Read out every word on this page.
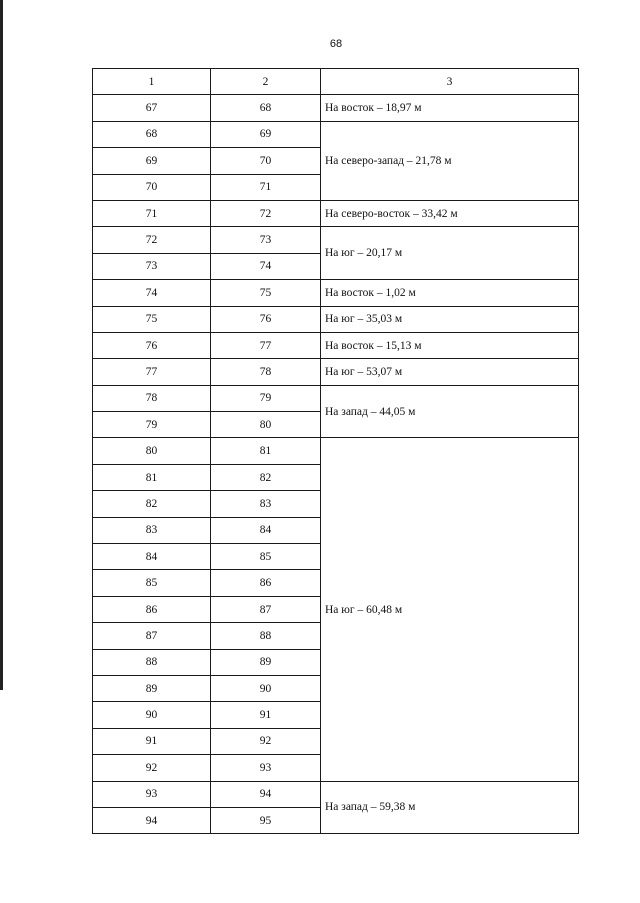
68
1	2	3
67	68	На восток – 18,97 м
68	69	На северо-запад – 21,78 м
69	70	
70	71	
71	72	На северо-восток – 33,42 м
72	73	На юг – 20,17 м
73	74	
74	75	На восток – 1,02 м
75	76	На юг – 35,03 м
76	77	На восток – 15,13 м
77	78	На юг – 53,07 м
78	79	На запад – 44,05 м
79	80	
80	81	На юг – 60,48 м
81	82	
82	83	
83	84	
84	85	
85	86	
86	87	
87	88	
88	89	
89	90	
90	91	
91	92	
92	93	
93	94	На запад – 59,38 м
94	95	
